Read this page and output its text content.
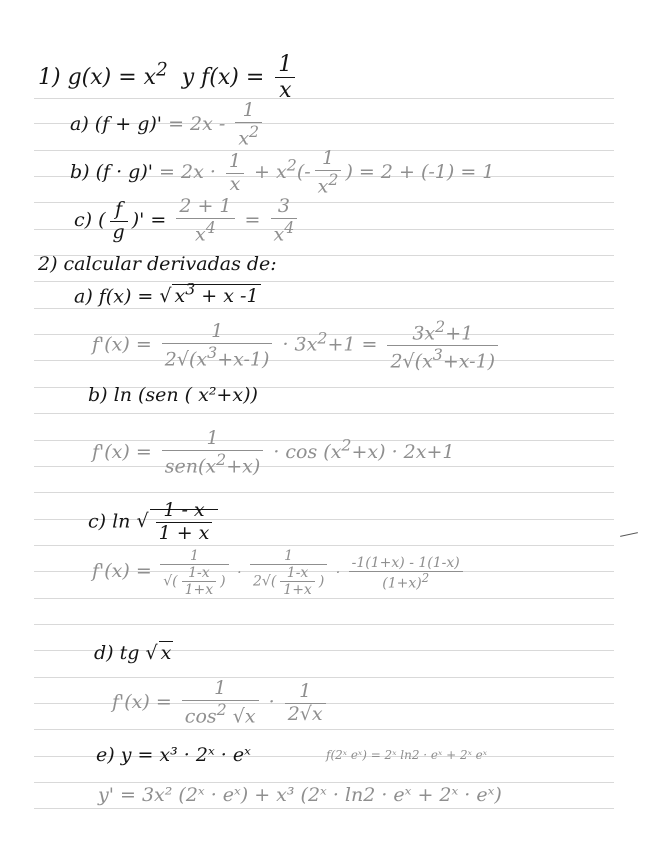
1) $g(x) = x^2$  y $f(x) = \frac{1}{x}$
a) $(f + g)' = 2x - \frac{1}{x^2}$
b) $(f \cdot g)' = 2x \cdot \frac{1}{x} + x^2(- \frac{1}{x^2}$ ) = 2 + (-1) = 1
c) ( $\frac{f}{g}$ )' = $\frac{2 + 1}{x^4} = \frac{3}{x^4}$
2) calcular derivadas de:
a) f(x) = √ $x^3 + x$ -1
$f'(x) = \frac{1}{2√(x^3+x-1)} \cdot 3x^2+1 = \frac{3x^2+1}{2√(x^3+x-1)}$
b) ln (sen ( x²+x))
$f'(x) = \frac{1}{sen(x^2+x)} \cdot \cos (x^2+x) \cdot 2x+1$
c) ln √ $\frac{1 - x}{1 + x}$
$f'(x) = \frac{1}{√( \frac{1-x}{1+x} )} \cdot \frac{1}{2√( \frac{1-x}{1+x} )} \cdot \frac{-1(1+x) - 1(1-x)}{(1+x)^2}$
d) tg √ x
$f'(x) = \frac{1}{\cos^2 √x} \cdot \frac{1}{2√x}$
e) y = x³ · 2ˣ · eˣ	f(2ˣ eˣ) = 2ˣ ln2 · eˣ + 2ˣ eˣ
y' = 3x² (2ˣ · eˣ) + x³ (2ˣ · ln2 · eˣ + 2ˣ · eˣ)
